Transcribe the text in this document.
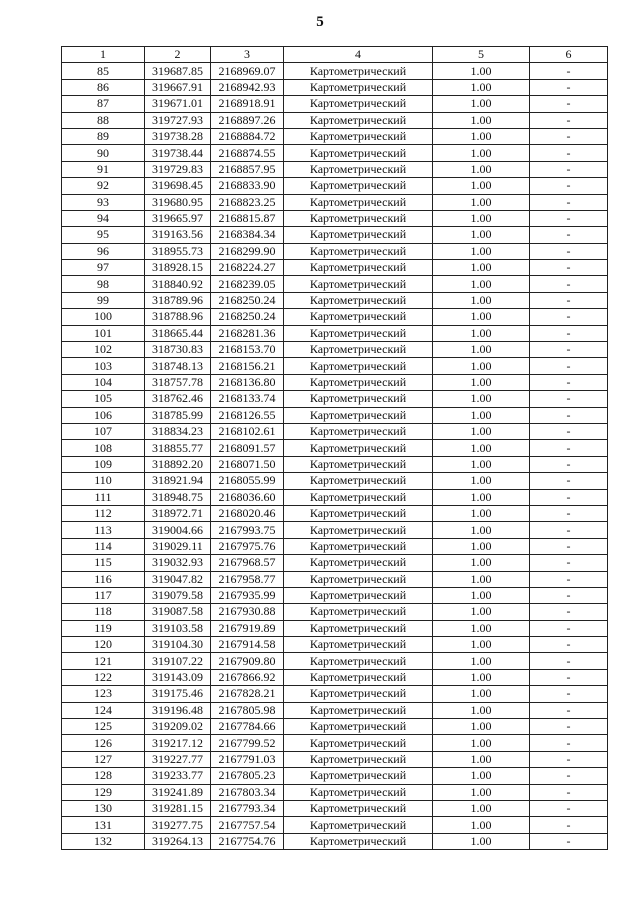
5
1	2	3	4	5	6
85	319687.85	2168969.07	Картометрический	1.00	-
86	319667.91	2168942.93	Картометрический	1.00	-
87	319671.01	2168918.91	Картометрический	1.00	-
88	319727.93	2168897.26	Картометрический	1.00	-
89	319738.28	2168884.72	Картометрический	1.00	-
90	319738.44	2168874.55	Картометрический	1.00	-
91	319729.83	2168857.95	Картометрический	1.00	-
92	319698.45	2168833.90	Картометрический	1.00	-
93	319680.95	2168823.25	Картометрический	1.00	-
94	319665.97	2168815.87	Картометрический	1.00	-
95	319163.56	2168384.34	Картометрический	1.00	-
96	318955.73	2168299.90	Картометрический	1.00	-
97	318928.15	2168224.27	Картометрический	1.00	-
98	318840.92	2168239.05	Картометрический	1.00	-
99	318789.96	2168250.24	Картометрический	1.00	-
100	318788.96	2168250.24	Картометрический	1.00	-
101	318665.44	2168281.36	Картометрический	1.00	-
102	318730.83	2168153.70	Картометрический	1.00	-
103	318748.13	2168156.21	Картометрический	1.00	-
104	318757.78	2168136.80	Картометрический	1.00	-
105	318762.46	2168133.74	Картометрический	1.00	-
106	318785.99	2168126.55	Картометрический	1.00	-
107	318834.23	2168102.61	Картометрический	1.00	-
108	318855.77	2168091.57	Картометрический	1.00	-
109	318892.20	2168071.50	Картометрический	1.00	-
110	318921.94	2168055.99	Картометрический	1.00	-
111	318948.75	2168036.60	Картометрический	1.00	-
112	318972.71	2168020.46	Картометрический	1.00	-
113	319004.66	2167993.75	Картометрический	1.00	-
114	319029.11	2167975.76	Картометрический	1.00	-
115	319032.93	2167968.57	Картометрический	1.00	-
116	319047.82	2167958.77	Картометрический	1.00	-
117	319079.58	2167935.99	Картометрический	1.00	-
118	319087.58	2167930.88	Картометрический	1.00	-
119	319103.58	2167919.89	Картометрический	1.00	-
120	319104.30	2167914.58	Картометрический	1.00	-
121	319107.22	2167909.80	Картометрический	1.00	-
122	319143.09	2167866.92	Картометрический	1.00	-
123	319175.46	2167828.21	Картометрический	1.00	-
124	319196.48	2167805.98	Картометрический	1.00	-
125	319209.02	2167784.66	Картометрический	1.00	-
126	319217.12	2167799.52	Картометрический	1.00	-
127	319227.77	2167791.03	Картометрический	1.00	-
128	319233.77	2167805.23	Картометрический	1.00	-
129	319241.89	2167803.34	Картометрический	1.00	-
130	319281.15	2167793.34	Картометрический	1.00	-
131	319277.75	2167757.54	Картометрический	1.00	-
132	319264.13	2167754.76	Картометрический	1.00	-
